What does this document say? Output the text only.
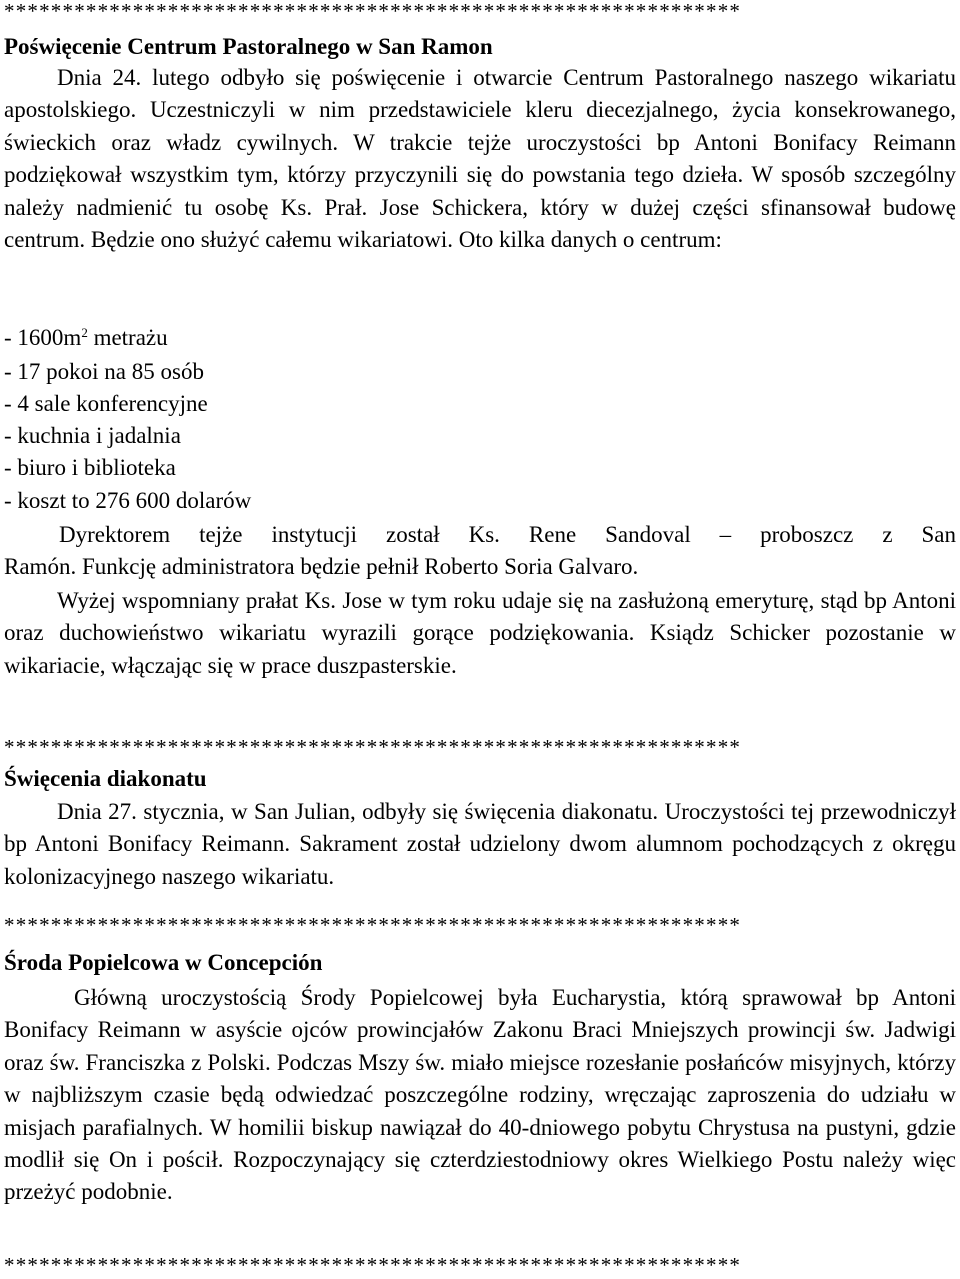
***************************************************************
Poświęcenie Centrum Pastoralnego w San Ramon
Dnia 24. lutego odbyło się poświęcenie i otwarcie Centrum Pastoralnego naszego wikariatu apostolskiego. Uczestniczyli w nim przedstawiciele kleru diecezjalnego, życia konsekrowanego, świeckich oraz władz cywilnych. W trakcie tejże uroczystości bp Antoni Bonifacy Reimann podziękował wszystkim tym, którzy przyczynili się do powstania tego dzieła. W sposób szczególny należy nadmienić tu osobę Ks. Prał. Jose Schickera, który w dużej części sfinansował budowę centrum. Będzie ono służyć całemu wikariatowi. Oto kilka danych o centrum:
- $1600m^2$ metrażu
- 17 pokoi na 85 osób
- 4 sale konferencyjne
- kuchnia i jadalnia
- biuro i biblioteka
- koszt to 276 600 dolarów
Dyrektorem tejże instytucji został Ks. Rene Sandoval – proboszcz z San
Ramón. Funkcję administratora będzie pełnił Roberto Soria Galvaro.
Wyżej wspomniany prałat Ks. Jose w tym roku udaje się na zasłużoną emeryturę, stąd bp Antoni oraz duchowieństwo wikariatu wyrazili gorące podziękowania. Ksiądz Schicker pozostanie w wikariacie, włączając się w prace duszpasterskie.
***************************************************************
Święcenia diakonatu
Dnia 27. stycznia, w San Julian, odbyły się święcenia diakonatu. Uroczystości tej przewodniczył bp Antoni Bonifacy Reimann. Sakrament został udzielony dwom alumnom pochodzących z okręgu kolonizacyjnego naszego wikariatu.
***************************************************************
Środa Popielcowa w Concepción
Główną uroczystością Środy Popielcowej była Eucharystia, którą sprawował bp Antoni Bonifacy Reimann w asyście ojców prowincjałów Zakonu Braci Mniejszych prowincji św. Jadwigi oraz św. Franciszka z Polski. Podczas Mszy św. miało miejsce rozesłanie posłańców misyjnych, którzy w najbliższym czasie będą odwiedzać poszczególne rodziny, wręczając zaproszenia do udziału w misjach parafialnych. W homilii biskup nawiązał do 40-dniowego pobytu Chrystusa na pustyni, gdzie modlił się On i pościł. Rozpoczynający się czterdziestodniowy okres Wielkiego Postu należy więc przeżyć podobnie.
***************************************************************
